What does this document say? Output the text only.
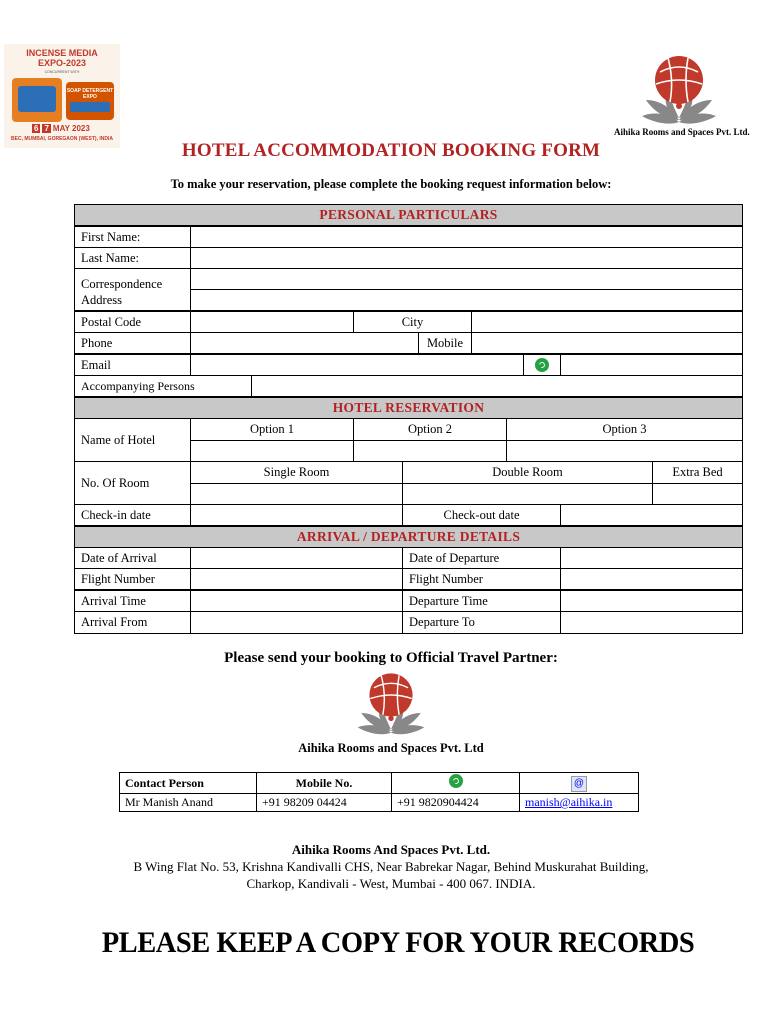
INCENSE MEDIA
EXPO-2023
CONCURRENT WITH
SOAP DETERGENT EXPO
6 7 MAY 2023
BEC, MUMBAI, GOREGAON (WEST), INDIA
Aihika Rooms and Spaces Pvt. Ltd.
HOTEL ACCOMMODATION BOOKING FORM
To make your reservation, please complete the booking request information below:
PERSONAL PARTICULARS
First Name:
Last Name:
Correspondence
Address
Postal Code	City
Phone	Mobile
Email
Accompanying Persons
HOTEL RESERVATION
Name of Hotel
Option 1	Option 2	Option 3
No. Of Room
Single Room	Double Room	Extra Bed
Check-in date	Check-out date
ARRIVAL / DEPARTURE DETAILS
Date of Arrival	Date of Departure
Flight Number	Flight Number
Arrival Time	Departure Time
Arrival From	Departure To
Please send your booking to Official Travel Partner:
Aihika Rooms and Spaces Pvt. Ltd
Contact Person	Mobile No.		@
Mr Manish Anand	+91 98209 04424	+91 9820904424	manish@aihika.in
Aihika Rooms And Spaces Pvt. Ltd.
B Wing Flat No. 53, Krishna Kandivalli CHS, Near Babrekar Nagar, Behind Muskurahat Building,
Charkop, Kandivali - West, Mumbai - 400 067. INDIA.
PLEASE KEEP A COPY FOR YOUR RECORDS
